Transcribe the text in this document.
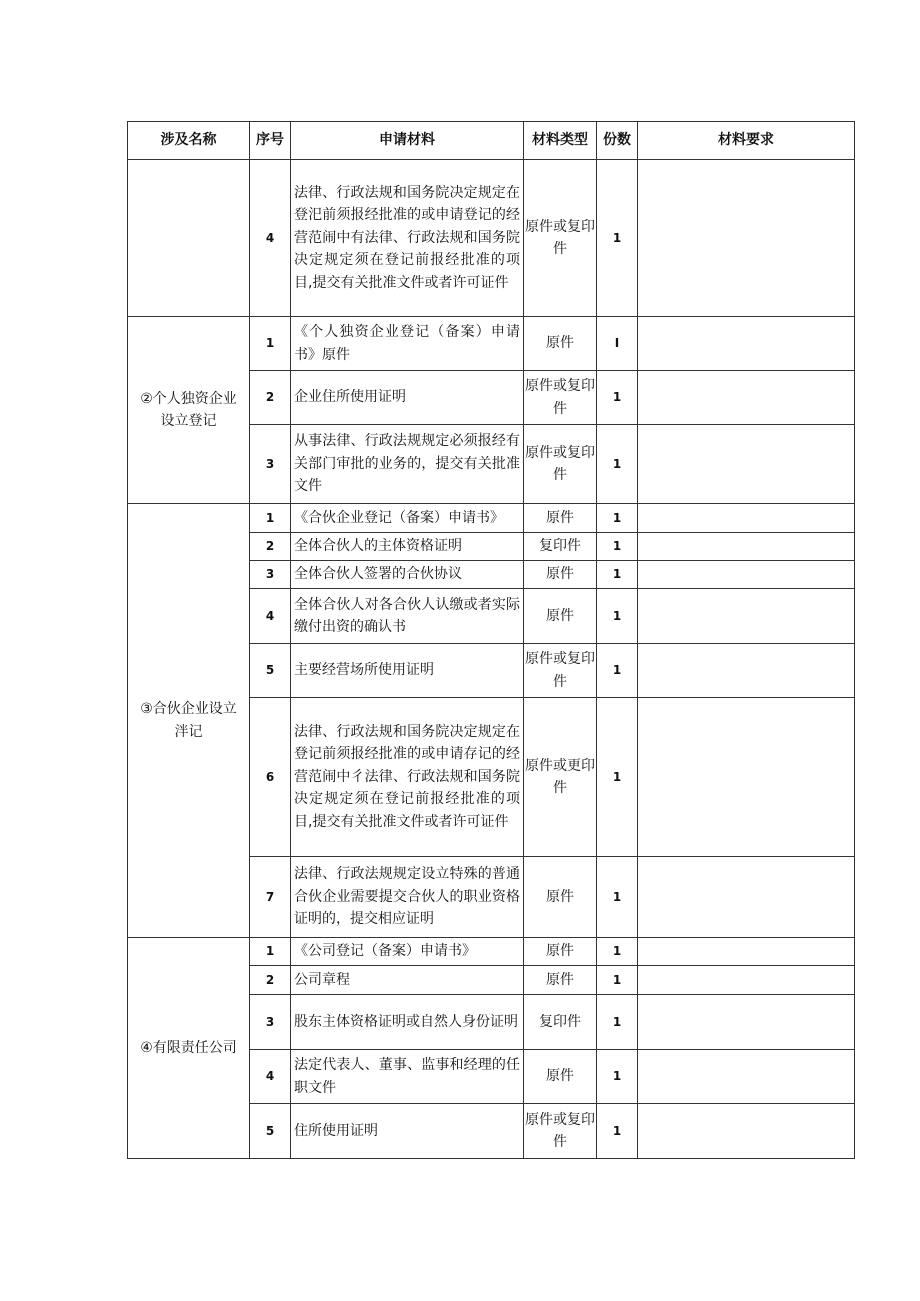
涉及名称	序号	申请材料	材料类型	份数	材料要求
	4	法律、行政法规和国务院决定规定在登汜前须报经批准的或申请登记的经营范闹中有法律、行政法规和国务院决定规定须在登记前报经批准的项目,提交有关批准文件或者许可证件	原件或复印件	1	
②个人独资企业设立登记	1	《个人独资企业登记（备案）申请书》原件	原件	I	
	2	企业住所使用证明	原件或复印件	1	
	3	从事法律、行政法规规定必须报经有关部门审批的业务的，提交有关批准文件	原件或复印件	1	
③合伙企业设立泮记	1	《合伙企业登记（备案）申请书》	原件	1	
	2	全体合伙人的主体资格证明	复印件	1	
	3	全体合伙人签署的合伙协议	原件	1	
	4	全体合伙人对各合伙人认缴或者实际缴付出资的确认书	原件	1	
	5	主要经营场所使用证明	原件或复印件	1	
	6	法律、行政法规和国务院决定规定在登记前须报经批准的或申请存记的经营范闹中彳法律、行政法规和国务院决定规定须在登记前报经批准的项目,提交有关批准文件或者许可证件	原件或更印件	1	
	7	法律、行政法规规定设立特殊的普通合伙企业需要提交合伙人的职业资格证明的，提交相应证明	原件	1	
④有限责任公司	1	《公司登记（备案）申请书》	原件	1	
	2	公司章程	原件	1	
	3	股东主体资格证明或自然人身份证明	复印件	1	
	4	法定代表人、董事、监事和经理的任职文件	原件	1	
	5	住所使用证明	原件或复印件	1	
